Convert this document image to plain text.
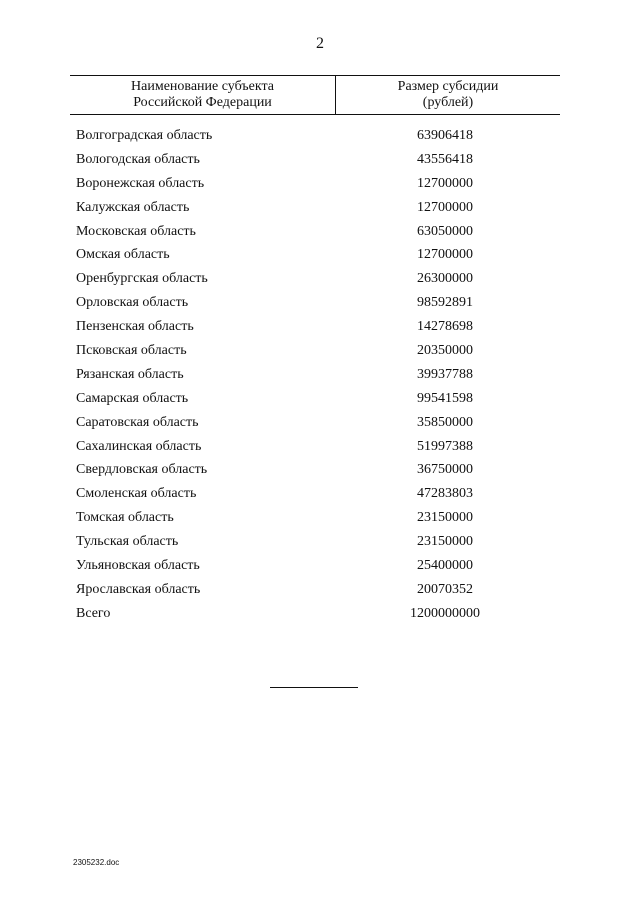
2
Наименование субъекта
Российской Федерации
Размер субсидии
(рублей)
Волгоградская область	63906418
Вологодская область	43556418
Воронежская область	12700000
Калужская область	12700000
Московская область	63050000
Омская область	12700000
Оренбургская область	26300000
Орловская область	98592891
Пензенская область	14278698
Псковская область	20350000
Рязанская область	39937788
Самарская область	99541598
Саратовская область	35850000
Сахалинская область	51997388
Свердловская область	36750000
Смоленская область	47283803
Томская область	23150000
Тульская область	23150000
Ульяновская область	25400000
Ярославская область	20070352
Всего	1200000000
2305232.doc
